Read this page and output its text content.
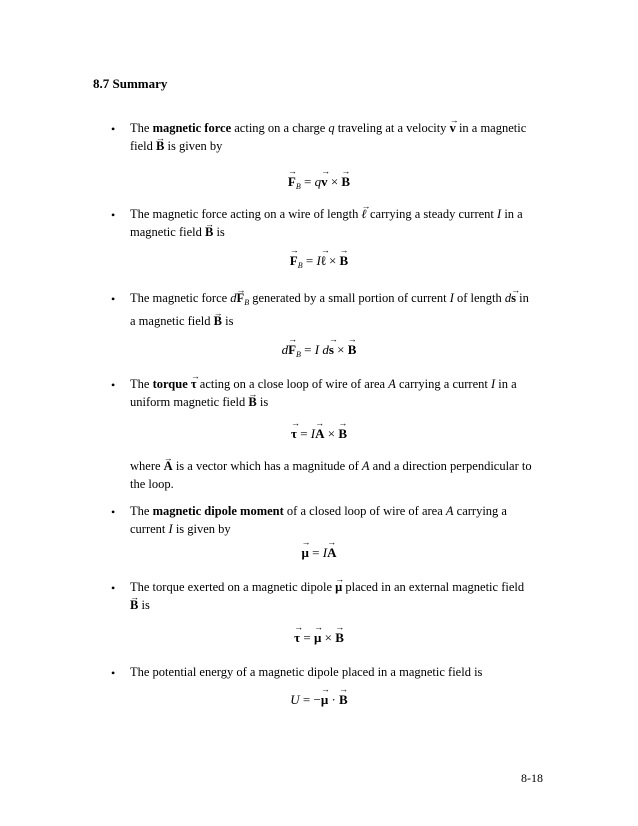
8.7 Summary
• The magnetic force acting on a charge q traveling at a velocity → v in a magnetic
field → B is given by
→ $F_B = q\to v$ × → B
• The magnetic force acting on a wire of length → ℓ carrying a steady current I in a
magnetic field → B is
→ $F_B = I\to$ ℓ × → B
• The magnetic force $d\to F_B$ generated by a small portion of current I of length d→ s in
a magnetic field → B is
$d\to F_B = I$ d→ s × → B
• The torque → τ acting on a close loop of wire of area A carrying a current I in a
uniform magnetic field → B is
→ τ = I→ A × → B
where → A is a vector which has a magnitude of A and a direction perpendicular to
the loop.
• The magnetic dipole moment of a closed loop of wire of area A carrying a
current I is given by
→ μ = I→ A
• The torque exerted on a magnetic dipole → μ placed in an external magnetic field
→ B is
→ τ = → μ × → B
• The potential energy of a magnetic dipole placed in a magnetic field is
U = −→ μ · → B
8-18
